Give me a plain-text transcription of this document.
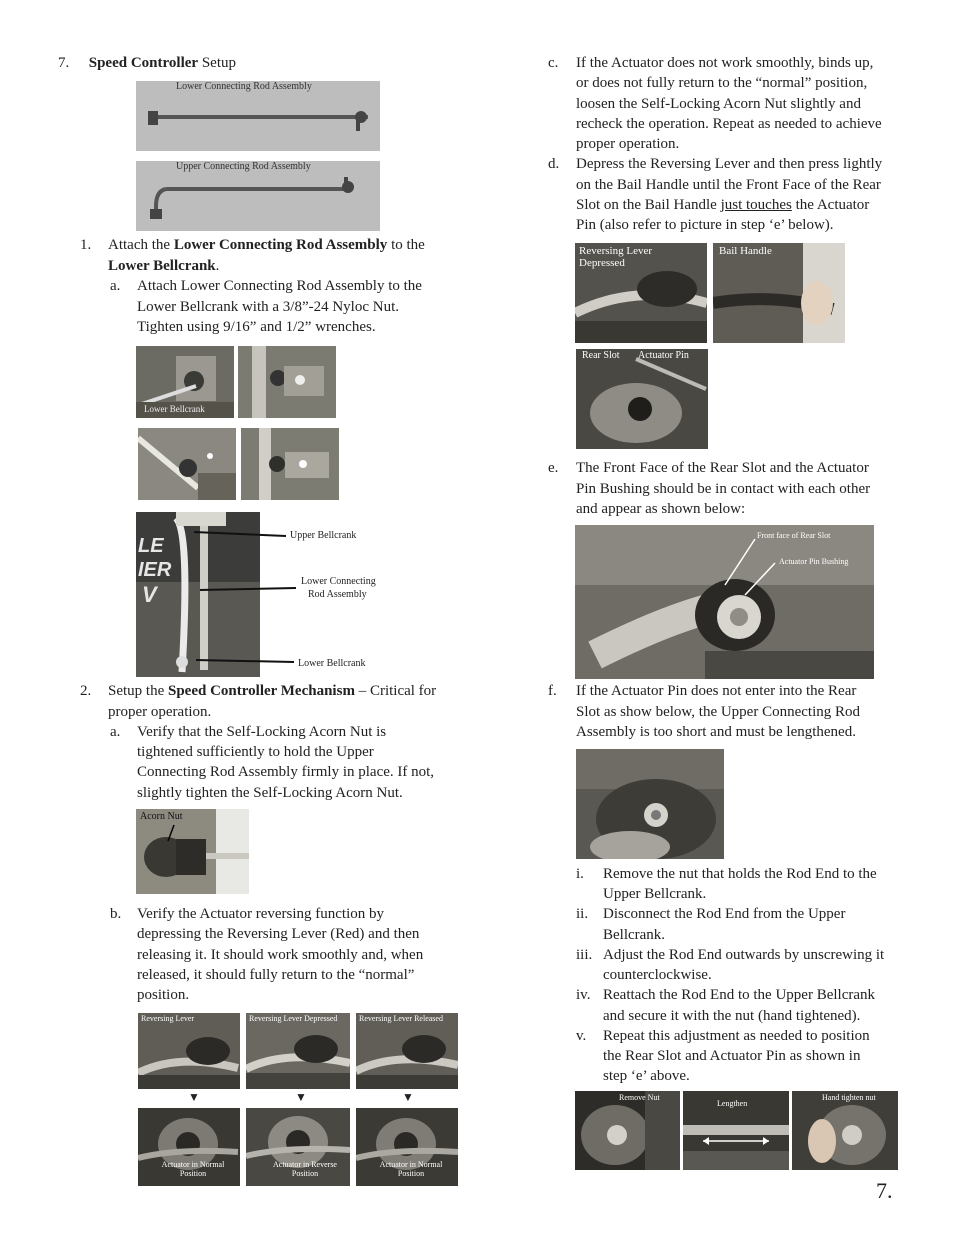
7. Speed Controller Setup
Lower Connecting Rod Assembly
Upper Connecting Rod Assembly
1. Attach the Lower Connecting Rod Assembly to the
Lower Bellcrank.
a. Attach Lower Connecting Rod Assembly to the
Lower Bellcrank with a 3/8”-24 Nyloc Nut.
Tighten using 9/16” and 1/2” wrenches.
Lower Bellcrank
LE
IER
V
Upper Bellcrank
Lower Connecting
Rod Assembly
Lower Bellcrank
2. Setup the Speed Controller Mechanism – Critical for
proper operation.
a. Verify that the Self-Locking Acorn Nut is
tightened sufficiently to hold the Upper
Connecting Rod Assembly firmly in place. If not,
slightly tighten the Self-Locking Acorn Nut.
Acorn Nut
b. Verify the Actuator reversing function by
depressing the Reversing Lever (Red) and then
releasing it. It should work smoothly and, when
released, it should fully return to the “normal”
position.
Reversing Lever	Reversing Lever Depressed	Reversing Lever Released
▼	▼	▼
Actuator in Normal Position
Actuator in Reverse Position
Actuator in Normal Position
c. If the Actuator does not work smoothly, binds up,
or does not fully return to the “normal” position,
loosen the Self-Locking Acorn Nut slightly and
recheck the operation. Repeat as needed to achieve
proper operation.
d. Depress the Reversing Lever and then press lightly
on the Bail Handle until the Front Face of the Rear
Slot on the Bail Handle just touches the Actuator
Pin (also refer to picture in step ‘e’ below).
Reversing Lever Depressed
Bail Handle
Rear Slot Actuator Pin
e. The Front Face of the Rear Slot and the Actuator
Pin Bushing should be in contact with each other
and appear as shown below:
Front face of Rear Slot
Actuator Pin Bushing
f. If the Actuator Pin does not enter into the Rear
Slot as show below, the Upper Connecting Rod
Assembly is too short and must be lengthened.
i. Remove the nut that holds the Rod End to the
Upper Bellcrank.
ii. Disconnect the Rod End from the Upper
Bellcrank.
iii. Adjust the Rod End outwards by unscrewing it
counterclockwise.
iv. Reattach the Rod End to the Upper Bellcrank
and secure it with the nut (hand tightened).
v. Repeat this adjustment as needed to position
the Rear Slot and Actuator Pin as shown in
step ‘e’ above.
Remove Nut
Lengthen
Hand tighten nut
7.
